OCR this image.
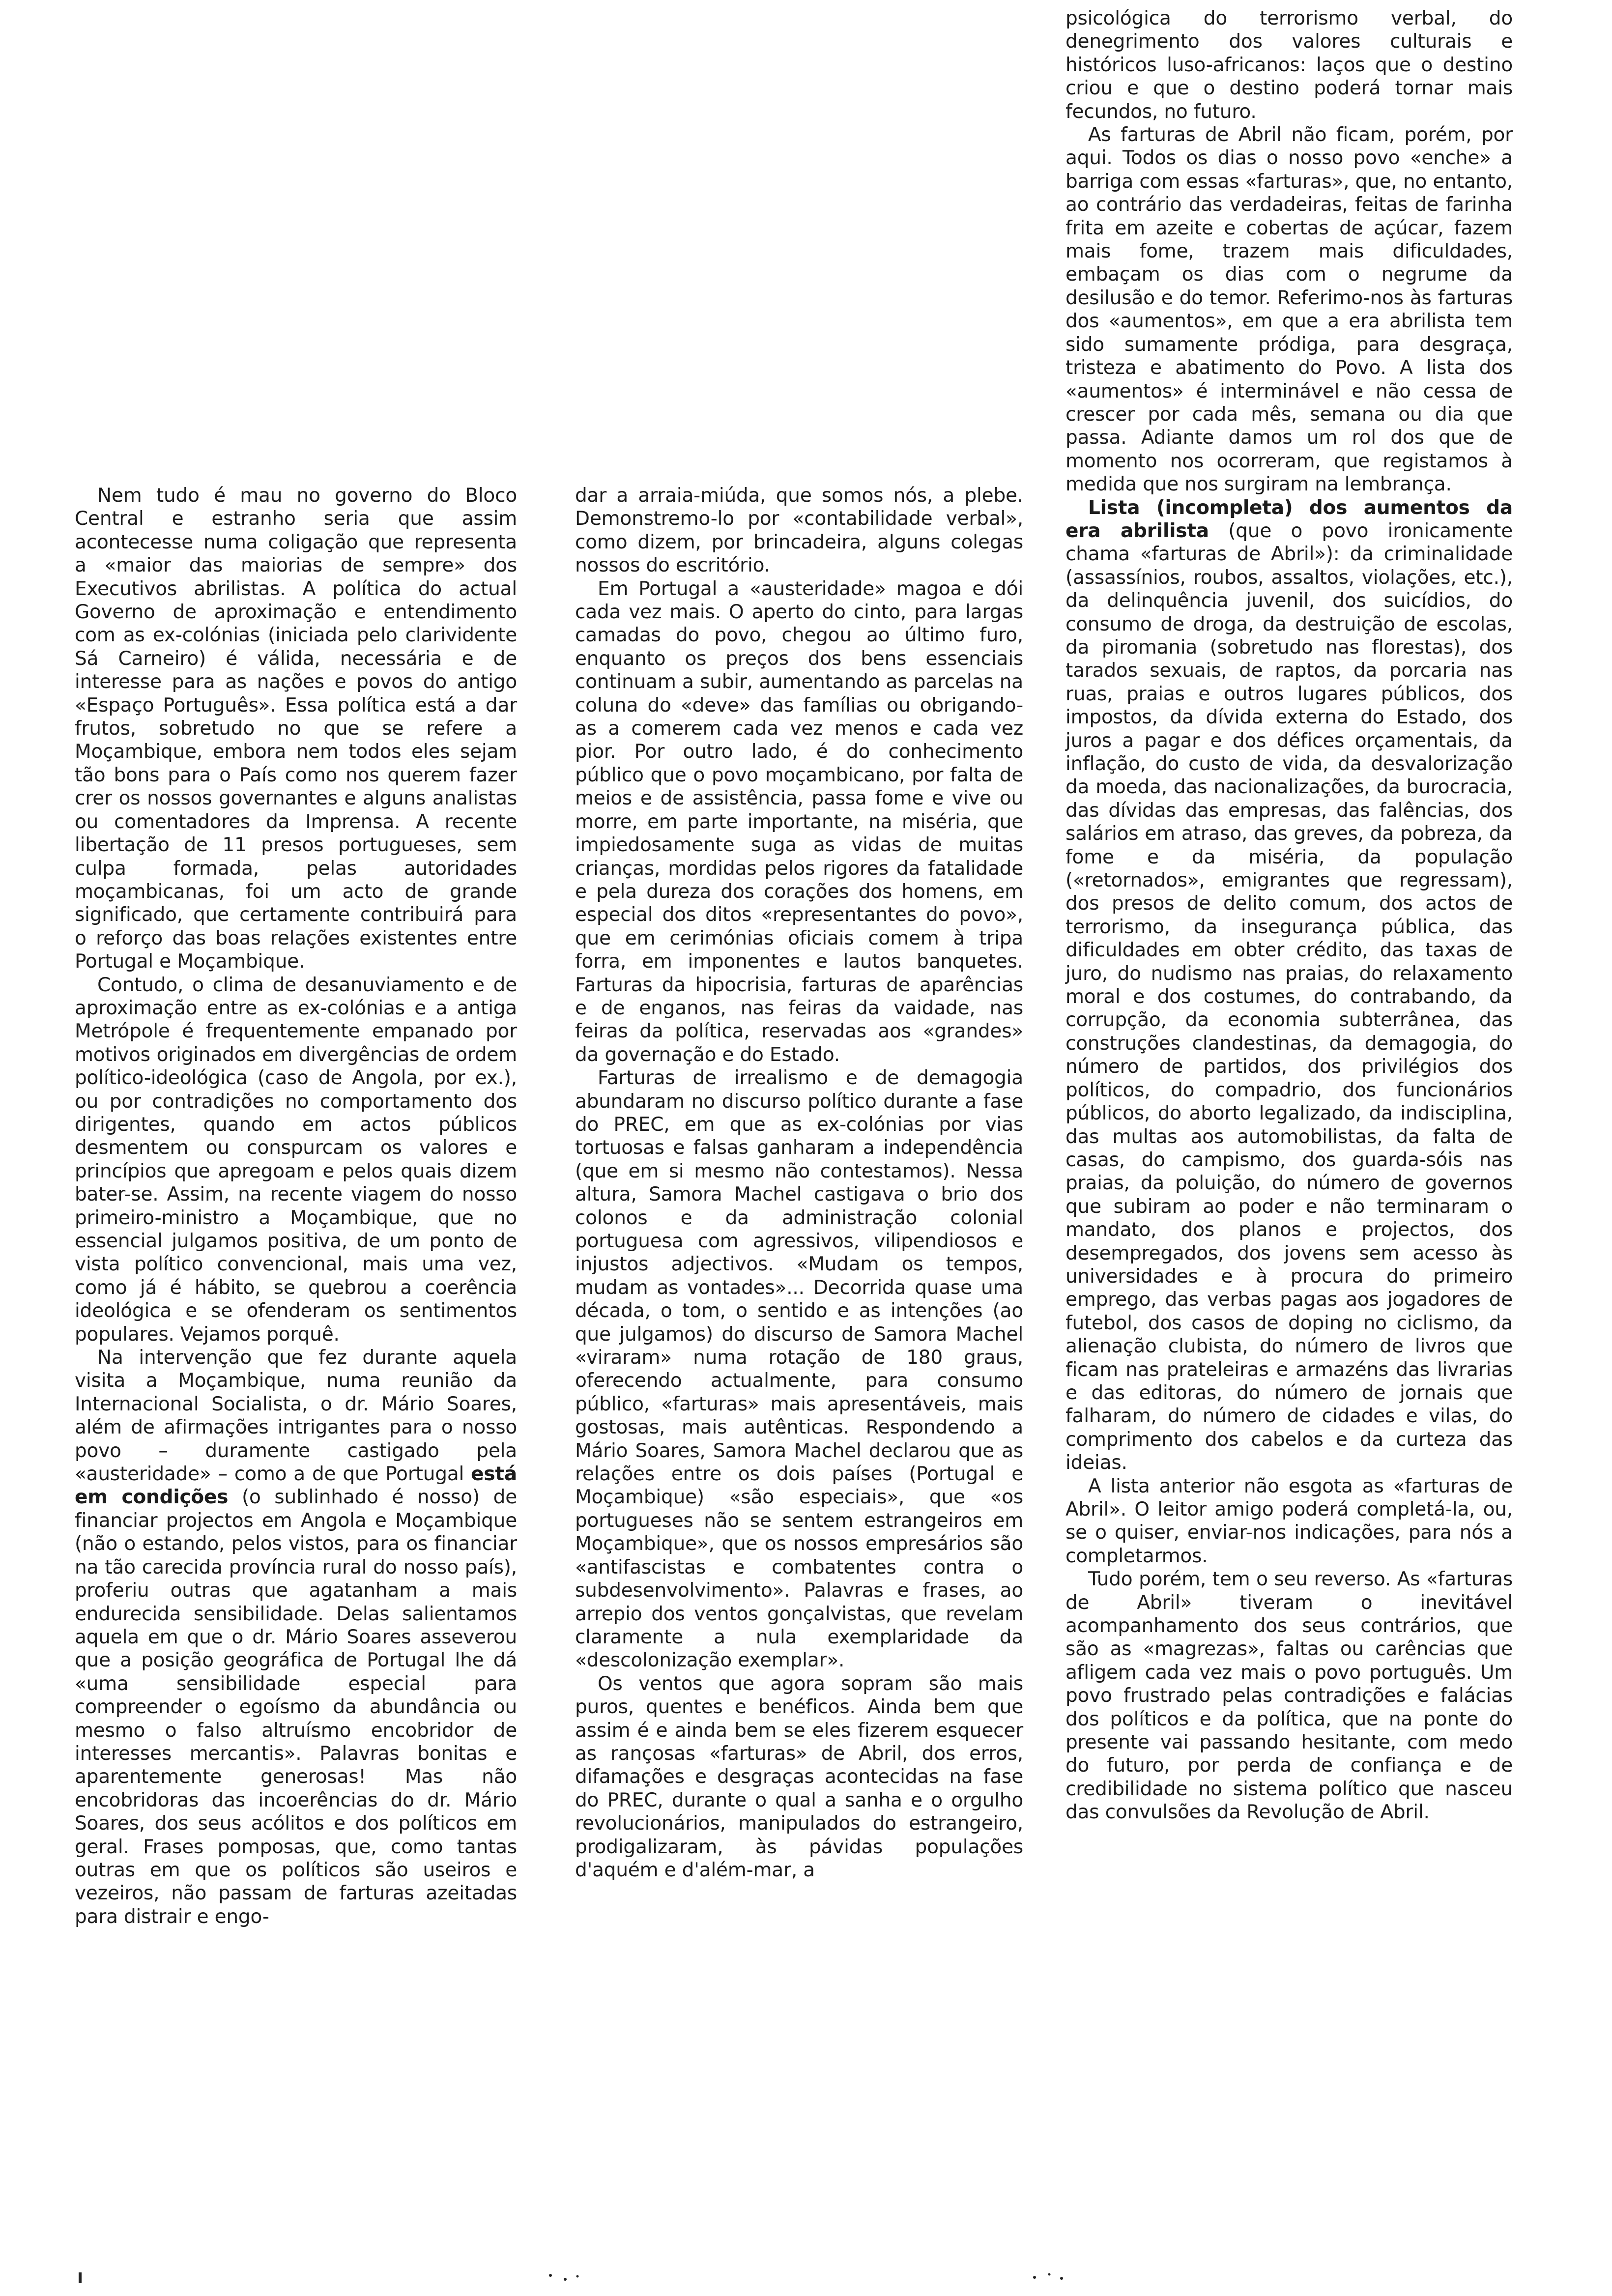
Nem tudo é mau no governo do Bloco Central e estranho seria que assim acontecesse numa coligação que representa a «maior das maiorias de sempre» dos Executivos abrilistas. A política do actual Governo de aproximação e entendimento com as ex-colónias (iniciada pelo clarividente Sá Carneiro) é válida, necessária e de interesse para as nações e povos do antigo «Espaço Português». Essa política está a dar frutos, sobretudo no que se refere a Moçambique, embora nem todos eles sejam tão bons para o País como nos querem fazer crer os nossos governantes e alguns analistas ou comentadores da Imprensa. A recente libertação de 11 presos portugueses, sem culpa formada, pelas autoridades moçambicanas, foi um acto de grande significado, que certamente contribuirá para o reforço das boas relações existentes entre Portugal e Moçambique.

Contudo, o clima de desanuviamento e de aproximação entre as ex-colónias e a antiga Metrópole é frequentemente empanado por motivos originados em divergências de ordem político-ideológica (caso de Angola, por ex.), ou por contradições no comportamento dos dirigentes, quando em actos públicos desmentem ou conspurcam os valores e princípios que apregoam e pelos quais dizem bater-se. Assim, na recente viagem do nosso primeiro-ministro a Moçambique, que no essencial julgamos positiva, de um ponto de vista político convencional, mais uma vez, como já é hábito, se quebrou a coerência ideológica e se ofenderam os sentimentos populares. Vejamos porquê.

Na intervenção que fez durante aquela visita a Moçambique, numa reunião da Internacional Socialista, o dr. Mário Soares, além de afirmações intrigantes para o nosso povo – duramente castigado pela «austeridade» – como a de que Portugal está em condições (o sublinhado é nosso) de financiar projectos em Angola e Moçambique (não o estando, pelos vistos, para os financiar na tão carecida província rural do nosso país), proferiu outras que agatanham a mais endurecida sensibilidade. Delas salientamos aquela em que o dr. Mário Soares asseverou que a posição geográfica de Portugal lhe dá «uma sensibilidade especial para compreender o egoísmo da abundância ou mesmo o falso altruísmo encobridor de interesses mercantis». Palavras bonitas e aparentemente generosas! Mas não encobridoras das incoerências do dr. Mário Soares, dos seus acólitos e dos políticos em geral. Frases pomposas, que, como tantas outras em que os políticos são useiros e vezeiros, não passam de farturas azeitadas para distrair e engo-

dar a arraia-miúda, que somos nós, a plebe. Demonstremo-lo por «contabilidade verbal», como dizem, por brincadeira, alguns colegas nossos do escritório.

Em Portugal a «austeridade» magoa e dói cada vez mais. O aperto do cinto, para largas camadas do povo, chegou ao último furo, enquanto os preços dos bens essenciais continuam a subir, aumentando as parcelas na coluna do «deve» das famílias ou obrigando-as a comerem cada vez menos e cada vez pior. Por outro lado, é do conhecimento público que o povo moçambicano, por falta de meios e de assistência, passa fome e vive ou morre, em parte importante, na miséria, que impiedosamente suga as vidas de muitas crianças, mordidas pelos rigores da fatalidade e pela dureza dos corações dos homens, em especial dos ditos «representantes do povo», que em cerimónias oficiais comem à tripa forra, em imponentes e lautos banquetes. Farturas da hipocrisia, farturas de aparências e de enganos, nas feiras da vaidade, nas feiras da política, reservadas aos «grandes» da governação e do Estado.

Farturas de irrealismo e de demagogia abundaram no discurso político durante a fase do PREC, em que as ex-colónias por vias tortuosas e falsas ganharam a independência (que em si mesmo não contestamos). Nessa altura, Samora Machel castigava o brio dos colonos e da administração colonial portuguesa com agressivos, vilipendiosos e injustos adjectivos. «Mudam os tempos, mudam as vontades»... Decorrida quase uma década, o tom, o sentido e as intenções (ao que julgamos) do discurso de Samora Machel «viraram» numa rotação de 180 graus, oferecendo actualmente, para consumo público, «farturas» mais apresentáveis, mais gostosas, mais autênticas. Respondendo a Mário Soares, Samora Machel declarou que as relações entre os dois países (Portugal e Moçambique) «são especiais», que «os portugueses não se sentem estrangeiros em Moçambique», que os nossos empresários são «antifascistas e combatentes contra o subdesenvolvimento». Palavras e frases, ao arrepio dos ventos gonçalvistas, que revelam claramente a nula exemplaridade da «descolonização exemplar».

Os ventos que agora sopram são mais puros, quentes e benéficos. Ainda bem que assim é e ainda bem se eles fizerem esquecer as rançosas «farturas» de Abril, dos erros, difamações e desgraças acontecidas na fase do PREC, durante o qual a sanha e o orgulho revolucionários, manipulados do estrangeiro, prodigalizaram, às pávidas populações d'aquém e d'além-mar, a

psicológica do terrorismo verbal, do denegrimento dos valores culturais e históricos luso-africanos: laços que o destino criou e que o destino poderá tornar mais fecundos, no futuro.

As farturas de Abril não ficam, porém, por aqui. Todos os dias o nosso povo «enche» a barriga com essas «farturas», que, no entanto, ao contrário das verdadeiras, feitas de farinha frita em azeite e cobertas de açúcar, fazem mais fome, trazem mais dificuldades, embaçam os dias com o negrume da desilusão e do temor. Referimo-nos às farturas dos «aumentos», em que a era abrilista tem sido sumamente pródiga, para desgraça, tristeza e abatimento do Povo. A lista dos «aumentos» é interminável e não cessa de crescer por cada mês, semana ou dia que passa. Adiante damos um rol dos que de momento nos ocorreram, que registamos à medida que nos surgiram na lembrança.

Lista (incompleta) dos aumentos da era abrilista (que o povo ironicamente chama «farturas de Abril»): da criminalidade (assassínios, roubos, assaltos, violações, etc.), da delinquência juvenil, dos suicídios, do consumo de droga, da destruição de escolas, da piromania (sobretudo nas florestas), dos tarados sexuais, de raptos, da porcaria nas ruas, praias e outros lugares públicos, dos impostos, da dívida externa do Estado, dos juros a pagar e dos défices orçamentais, da inflação, do custo de vida, da desvalorização da moeda, das nacionalizações, da burocracia, das dívidas das empresas, das falências, dos salários em atraso, das greves, da pobreza, da fome e da miséria, da população («retornados», emigrantes que regressam), dos presos de delito comum, dos actos de terrorismo, da insegurança pública, das dificuldades em obter crédito, das taxas de juro, do nudismo nas praias, do relaxamento moral e dos costumes, do contrabando, da corrupção, da economia subterrânea, das construções clandestinas, da demagogia, do número de partidos, dos privilégios dos políticos, do compadrio, dos funcionários públicos, do aborto legalizado, da indisciplina, das multas aos automobilistas, da falta de casas, do campismo, dos guarda-sóis nas praias, da poluição, do número de governos que subiram ao poder e não terminaram o mandato, dos planos e projectos, dos desempregados, dos jovens sem acesso às universidades e à procura do primeiro emprego, das verbas pagas aos jogadores de futebol, dos casos de doping no ciclismo, da alienação clubista, do número de livros que ficam nas prateleiras e armazéns das livrarias e das editoras, do número de jornais que falharam, do número de cidades e vilas, do comprimento dos cabelos e da curteza das ideias.

A lista anterior não esgota as «farturas de Abril». O leitor amigo poderá completá-la, ou, se o quiser, enviar-nos indicações, para nós a completarmos.

Tudo porém, tem o seu reverso. As «farturas de Abril» tiveram o inevitável acompanhamento dos seus contrários, que são as «magrezas», faltas ou carências que afligem cada vez mais o povo português. Um povo frustrado pelas contradições e falácias dos políticos e da política, que na ponte do presente vai passando hesitante, com medo do futuro, por perda de confiança e de credibilidade no sistema político que nasceu das convulsões da Revolução de Abril.
